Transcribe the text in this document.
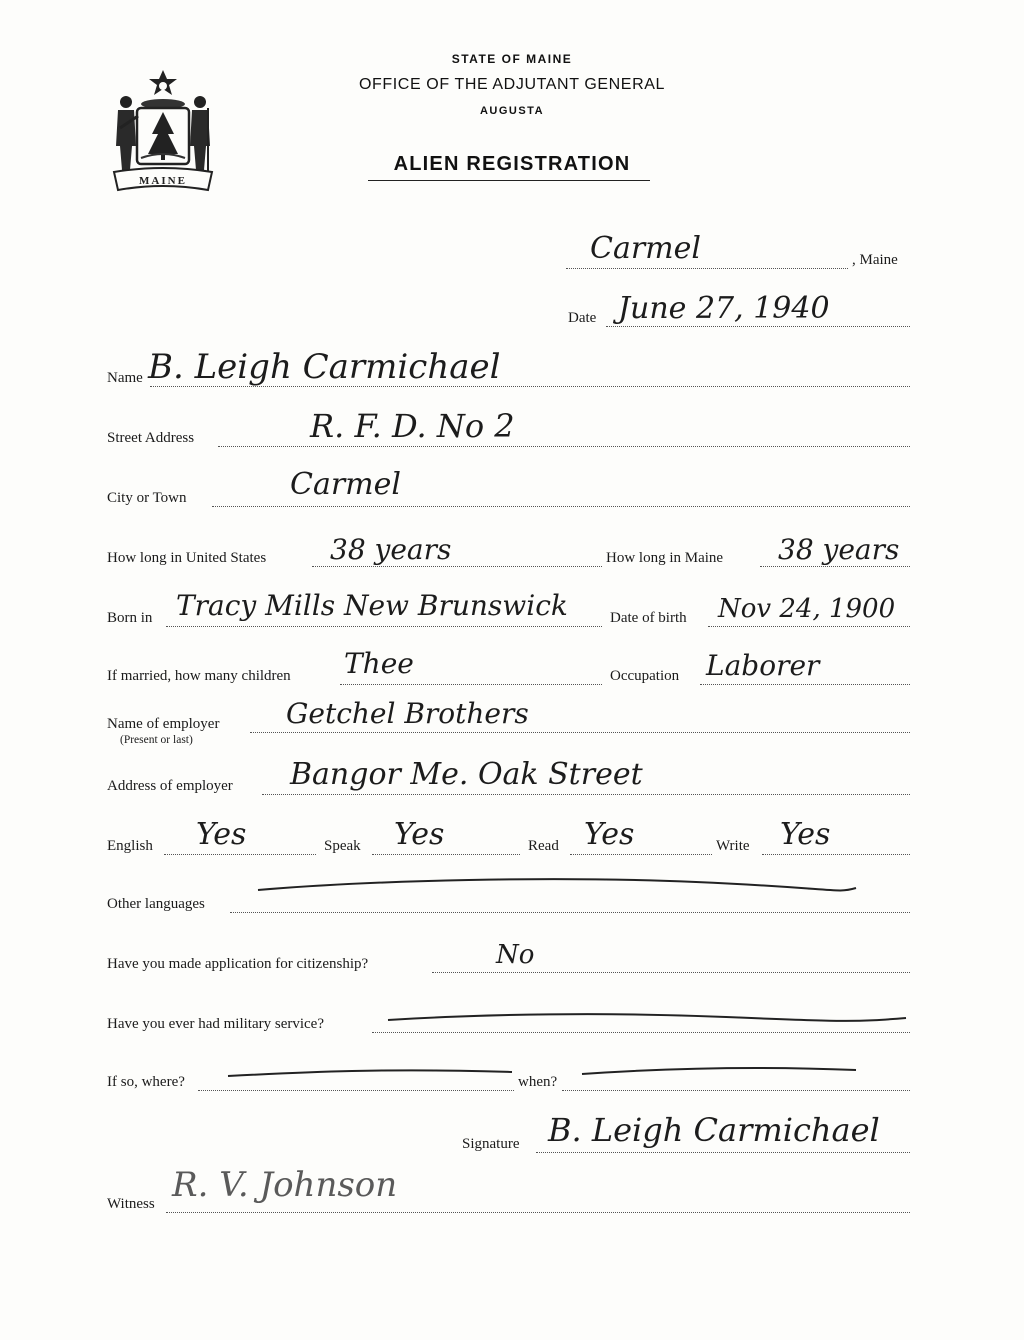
MAINE
STATE OF MAINE
OFFICE OF THE ADJUTANT GENERAL
AUGUSTA
ALIEN REGISTRATION
Carmel	, Maine
Date June 27, 1940
Name B. Leigh Carmichael
Street Address	R. F. D. No 2
City or Town	Carmel
How long in United States 38 years	How long in Maine 38 years
Born in Tracy Mills New Brunswick	Date of birth Nov 24, 1900
If married, how many children Thee	Occupation Laborer
Name of employer
(Present or last)
Getchel Brothers
Address of employer Bangor Me. Oak Street
English Yes	Speak Yes	Read Yes	Write Yes
Other languages
Have you made application for citizenship?	No
Have you ever had military service?
If so, where?	when?
Signature B. Leigh Carmichael
Witness R. V. Johnson
